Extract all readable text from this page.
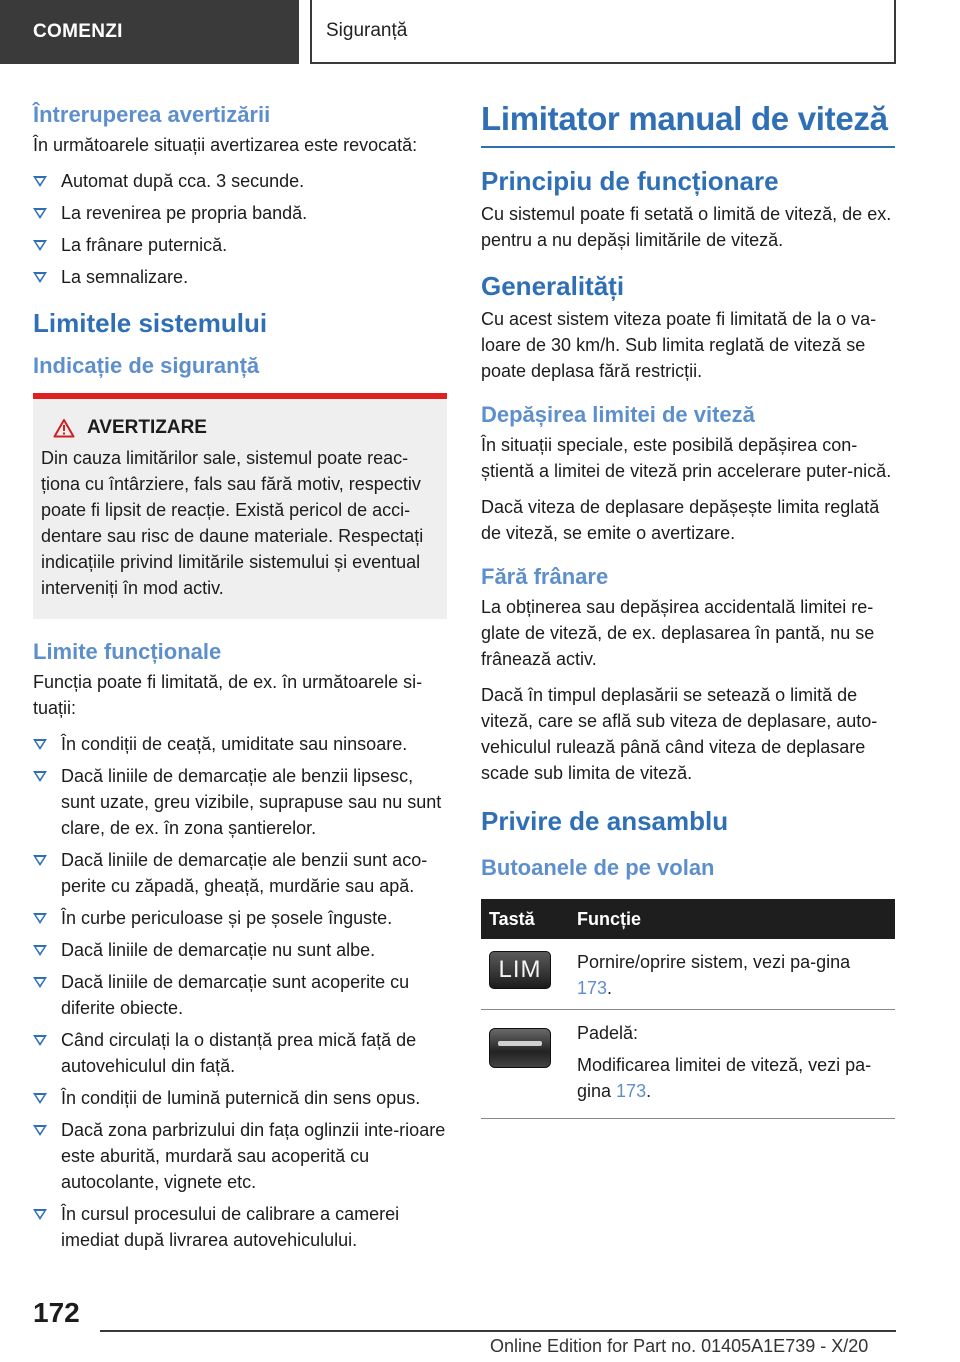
COMENZI	Siguranță
Întreruperea avertizării

În următoarele situații avertizarea este revocată:

Automat după cca. 3 secunde.
La revenirea pe propria bandă.
La frânare puternică.
La semnalizare.
Limitele sistemului
Indicație de siguranță
AVERTIZARE

Din cauza limitărilor sale, sistemul poate reac-ționa cu întârziere, fals sau fără motiv, respectiv poate fi lipsit de reacție. Există pericol de acci-dentare sau risc de daune materiale. Respectați indicațiile privind limitările sistemului și eventual interveniți în mod activ.

Limite funcționale

Funcția poate fi limitată, de ex. în următoarele si-tuații:

În condiții de ceață, umiditate sau ninsoare.
Dacă liniile de demarcație ale benzii lipsesc, sunt uzate, greu vizibile, suprapuse sau nu sunt clare, de ex. în zona șantierelor.
Dacă liniile de demarcație ale benzii sunt aco-perite cu zăpadă, gheață, murdărie sau apă.
În curbe periculoase și pe șosele înguste.
Dacă liniile de demarcație nu sunt albe.
Dacă liniile de demarcație sunt acoperite cu diferite obiecte.
Când circulați la o distanță prea mică față de autovehiculul din față.
În condiții de lumină puternică din sens opus.
Dacă zona parbrizului din fața oglinzii inte-rioare este aburită, murdară sau acoperită cu autocolante, vignete etc.
În cursul procesului de calibrare a camerei imediat după livrarea autovehiculului.
Limitator manual de viteză
Principiu de funcționare

Cu sistemul poate fi setată o limită de viteză, de ex. pentru a nu depăși limitările de viteză.

Generalități

Cu acest sistem viteza poate fi limitată de la o va-loare de 30 km/h. Sub limita reglată de viteză se poate deplasa fără restricții.

Depășirea limitei de viteză

În situații speciale, este posibilă depășirea con-știentă a limitei de viteză prin accelerare puter-nică.

Dacă viteza de deplasare depășește limita reglată de viteză, se emite o avertizare.

Fără frânare

La obținerea sau depășirea accidentală limitei re-glate de viteză, de ex. deplasarea în pantă, nu se frânează activ.

Dacă în timpul deplasării se setează o limită de viteză, care se află sub viteza de deplasare, auto-vehiculul rulează până când viteza de deplasare scade sub limita de viteză.

Privire de ansamblu
Butoanele de pe volan
Tastă	Funcție

LIM	Pornire/oprire sistem, vezi pa-gina 173.

	Padelă:

Modificarea limitei de viteză, vezi pa-gina 173.

172
Online Edition for Part no. 01405A1E739 - X/20
